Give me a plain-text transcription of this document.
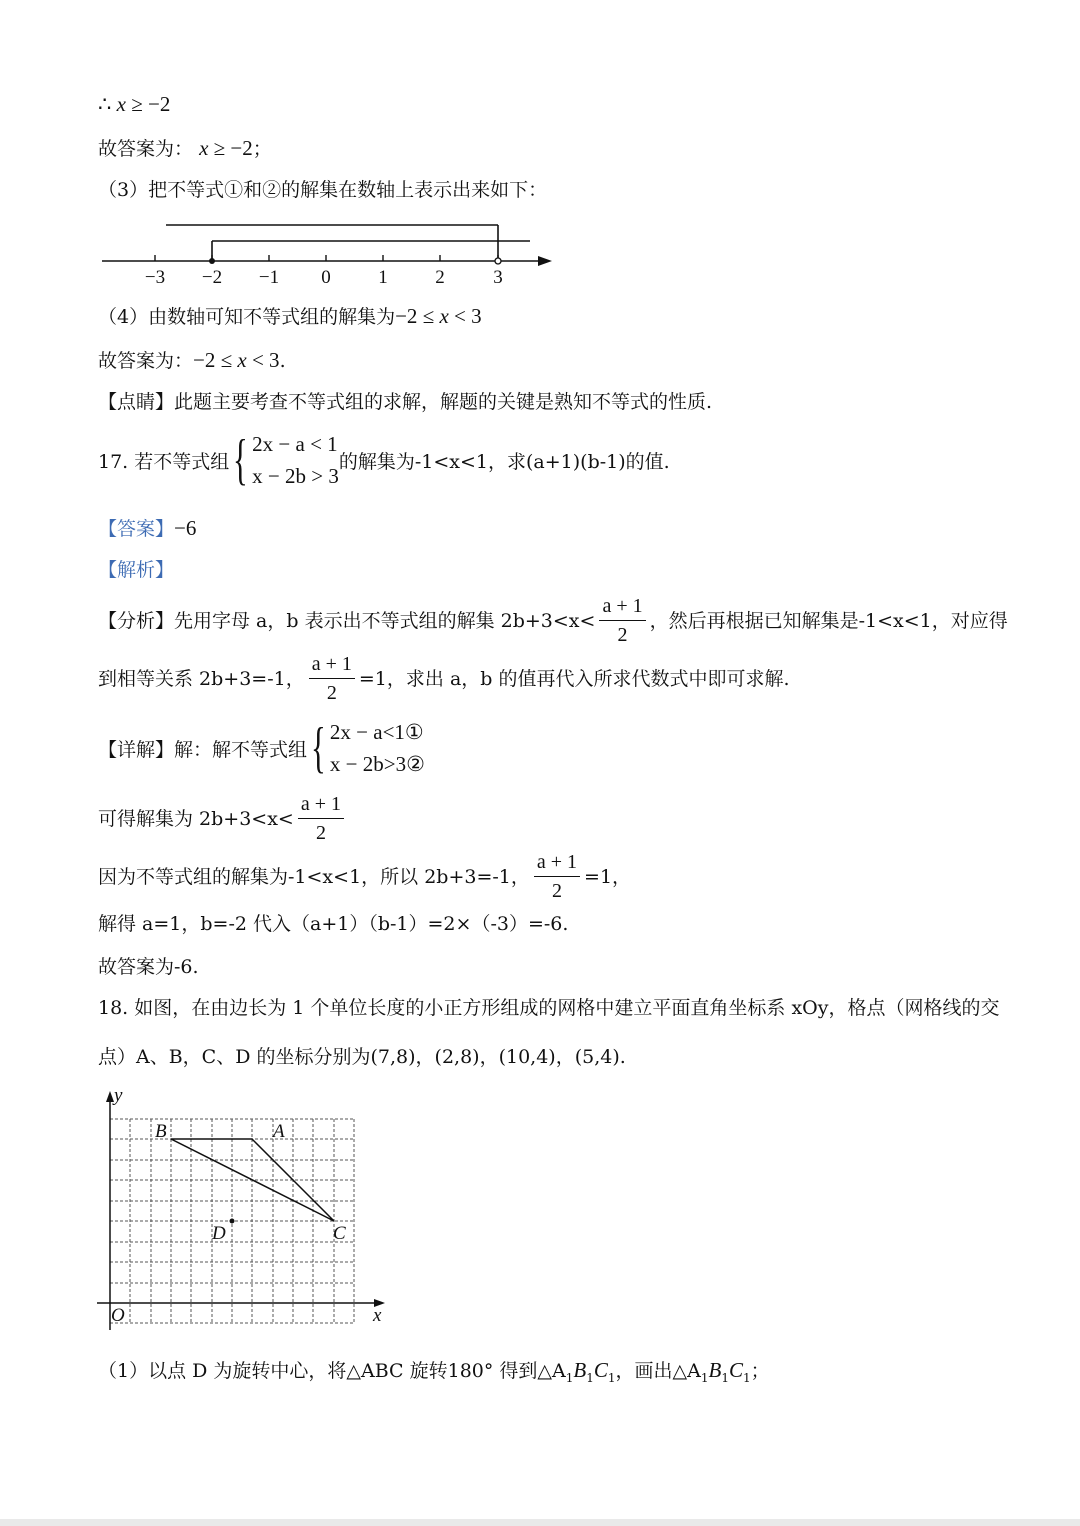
∴ x ≥ −2
故答案为： x ≥ −2；
（3）把不等式①和②的解集在数轴上表示出来如下：
−3 −2 −1 0	1	2	3
（4）由数轴可知不等式组的解集为−2 ≤ x < 3
故答案为：−2 ≤ x < 3.
【点睛】此题主要考查不等式组的求解，解题的关键是熟知不等式的性质.
17. 若不等式组 { 2x − a < 1
x − 2b > 3
的解集为-1<x<1，求(a+1)(b-1)的值.
【答案】−6
【解析】
【分析】先用字母 a，b 表示出不等式组的解集 $2b+3<x< \frac{a + 1}{2}$ ，然后再根据已知解集是-1<x<1，对应得
到相等关系 2b+3=-1， $\frac{a + 1}{2} =1$，求出 a，b 的值再代入所求代数式中即可求解.
【详解】解：解不等式组 { 2x − a<1①
x − 2b>3②
可得解集为 $2b+3<x< \frac{a + 1}{2}$
因为不等式组的解集为-1<x<1，所以 2b+3=-1， $\frac{a + 1}{2} =1$，
解得 a=1，b=-2 代入（a+1）（b-1）=2×（-3）=-6.
故答案为-6.
18. 如图，在由边长为 1 个单位长度的小正方形组成的网格中建立平面直角坐标系 xOy，格点（网格线的交
点）A、B，C、D 的坐标分别为(7,8)，(2,8)，(10,4)，(5,4).
y
x
O
A
B
C
D
（1）以点 D 为旋转中心，将△ABC 旋转180° 得到$\triangle A_1B_1C_1$，画出$\triangle A_1B_1C_1$；
